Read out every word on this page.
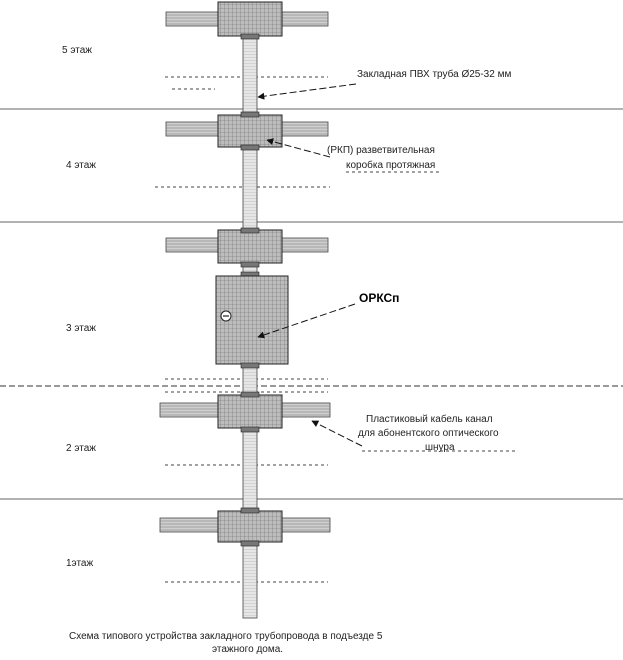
5 этаж
4 этаж
3 этаж
2 этаж
1этаж
Закладная ПВХ труба Ø25-32 мм
(РКП) разветвительная
коробка протяжная
ОРКСп
Пластиковый кабель канал
для абонентского оптического
шнура
Схема типового устройства закладного трубопровода в подъезде 5
этажного дома.
